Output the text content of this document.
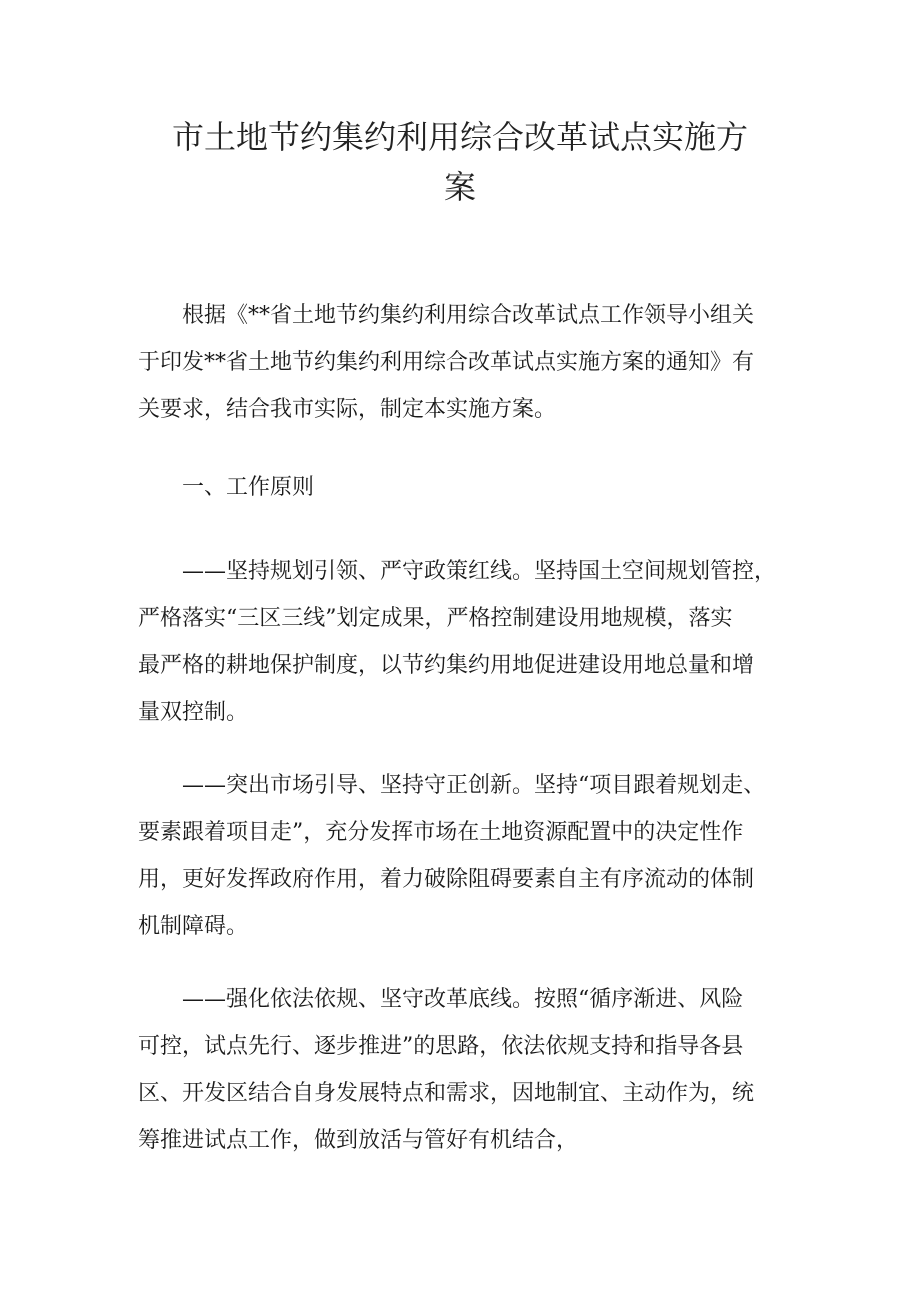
市土地节约集约利用综合改革试点实施方
案

根据《**省土地节约集约利用综合改革试点工作领导小组关
于印发**省土地节约集约利用综合改革试点实施方案的通知》有
关要求，结合我市实际，制定本实施方案。

一、工作原则

——坚持规划引领、严守政策红线。坚持国土空间规划管控，
严格落实“三区三线”划定成果，严格控制建设用地规模，落实
最严格的耕地保护制度，以节约集约用地促进建设用地总量和增
量双控制。

——突出市场引导、坚持守正创新。坚持“项目跟着规划走、
要素跟着项目走”，充分发挥市场在土地资源配置中的决定性作
用，更好发挥政府作用，着力破除阻碍要素自主有序流动的体制
机制障碍。

——强化依法依规、坚守改革底线。按照“循序渐进、风险
可控，试点先行、逐步推进”的思路，依法依规支持和指导各县
区、开发区结合自身发展特点和需求，因地制宜、主动作为，统
筹推进试点工作，做到放活与管好有机结合，
